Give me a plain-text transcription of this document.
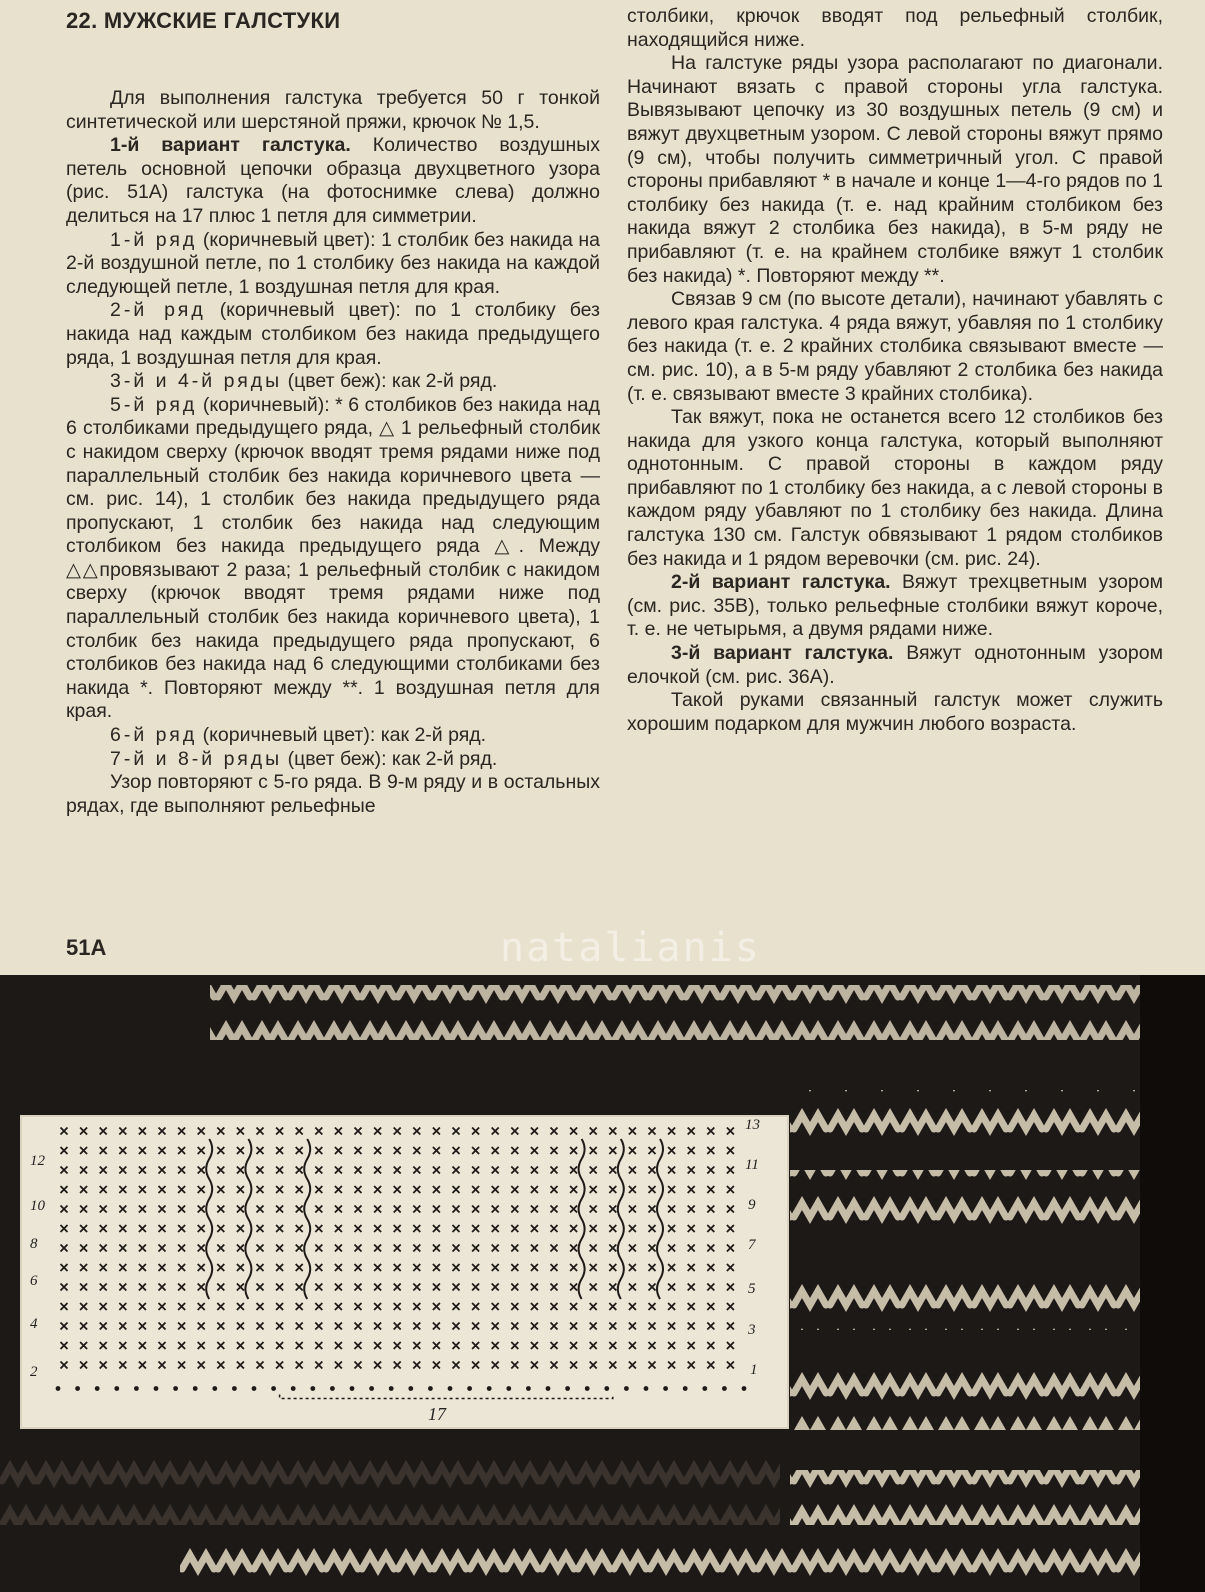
22. МУЖСКИЕ ГАЛСТУКИ

Для выполнения галстука требуется 50 г тонкой синтетической или шерстяной пряжи, крючок № 1,5.

1-й вариант галстука. Количество воздушных петель основной цепочки образца двухцветного узора (рис. 51А) галстука (на фотоснимке слева) должно делиться на 17 плюс 1 петля для симметрии.

1-й ряд (коричневый цвет): 1 столбик без накида на 2-й воздушной петле, по 1 столбику без накида на каждой следующей петле, 1 воздушная петля для края.

2-й ряд (коричневый цвет): по 1 столбику без накида над каждым столбиком без накида предыдущего ряда, 1 воздушная петля для края.

3-й и 4-й ряды (цвет беж): как 2-й ряд.

5-й ряд (коричневый): * 6 столбиков без накида над 6 столбиками предыдущего ряда, △ 1 рельефный столбик с накидом сверху (крючок вводят тремя рядами ниже под параллельный столбик без накида коричневого цвета — см. рис. 14), 1 столбик без накида предыдущего ряда пропускают, 1 столбик без накида над следующим столбиком без накида предыдущего ряда △. Между △△провязывают 2 раза; 1 рельефный столбик с накидом сверху (крючок вводят тремя рядами ниже под параллельный столбик без накида коричневого цвета), 1 столбик без накида предыдущего ряда пропускают, 6 столбиков без накида над 6 следующими столбиками без накида *. Повторяют между **. 1 воздушная петля для края.

6-й ряд (коричневый цвет): как 2-й ряд.

7-й и 8-й ряды (цвет беж): как 2-й ряд.

Узор повторяют с 5-го ряда. В 9-м ряду и в остальных рядах, где выполняют рельефные

столбики, крючок вводят под рельефный столбик, находящийся ниже.

На галстуке ряды узора располагают по диагонали. Начинают вязать с правой стороны угла галстука. Вывязывают цепочку из 30 воздушных петель (9 см) и вяжут двухцветным узором. С левой стороны вяжут прямо (9 см), чтобы получить симметричный угол. С правой стороны прибавляют * в начале и конце 1—4-го рядов по 1 столбику без накида (т. е. над крайним столбиком без накида вяжут 2 столбика без накида), в 5-м ряду не прибавляют (т. е. на крайнем столбике вяжут 1 столбик без накида) *. Повторяют между **.

Связав 9 см (по высоте детали), начинают убавлять с левого края галстука. 4 ряда вяжут, убавляя по 1 столбику без накида (т. е. 2 крайних столбика связывают вместе — см. рис. 10), а в 5-м ряду убавляют 2 столбика без накида (т. е. связывают вместе 3 крайних столбика).

Так вяжут, пока не останется всего 12 столбиков без накида для узкого конца галстука, который выполняют однотонным. С правой стороны в каждом ряду прибавляют по 1 столбику без накида, а с левой стороны в каждом ряду убавляют по 1 столбику без накида. Длина галстука 130 см. Галстук обвязывают 1 рядом столбиков без накида и 1 рядом веревочки (см. рис. 24).

2-й вариант галстука. Вяжут трехцветным узором (см. рис. 35В), только рельефные столбики вяжут короче, т. е. не четырьмя, а двумя рядами ниже.

3-й вариант галстука. Вяжут однотонным узором елочкой (см. рис. 36А).

Такой руками связанный галстук может служить хорошим подарком для мужчин любого возраста.

51А
12
10
8
6
4
2
13
11
9
7
5
3
1
17
natalianis
